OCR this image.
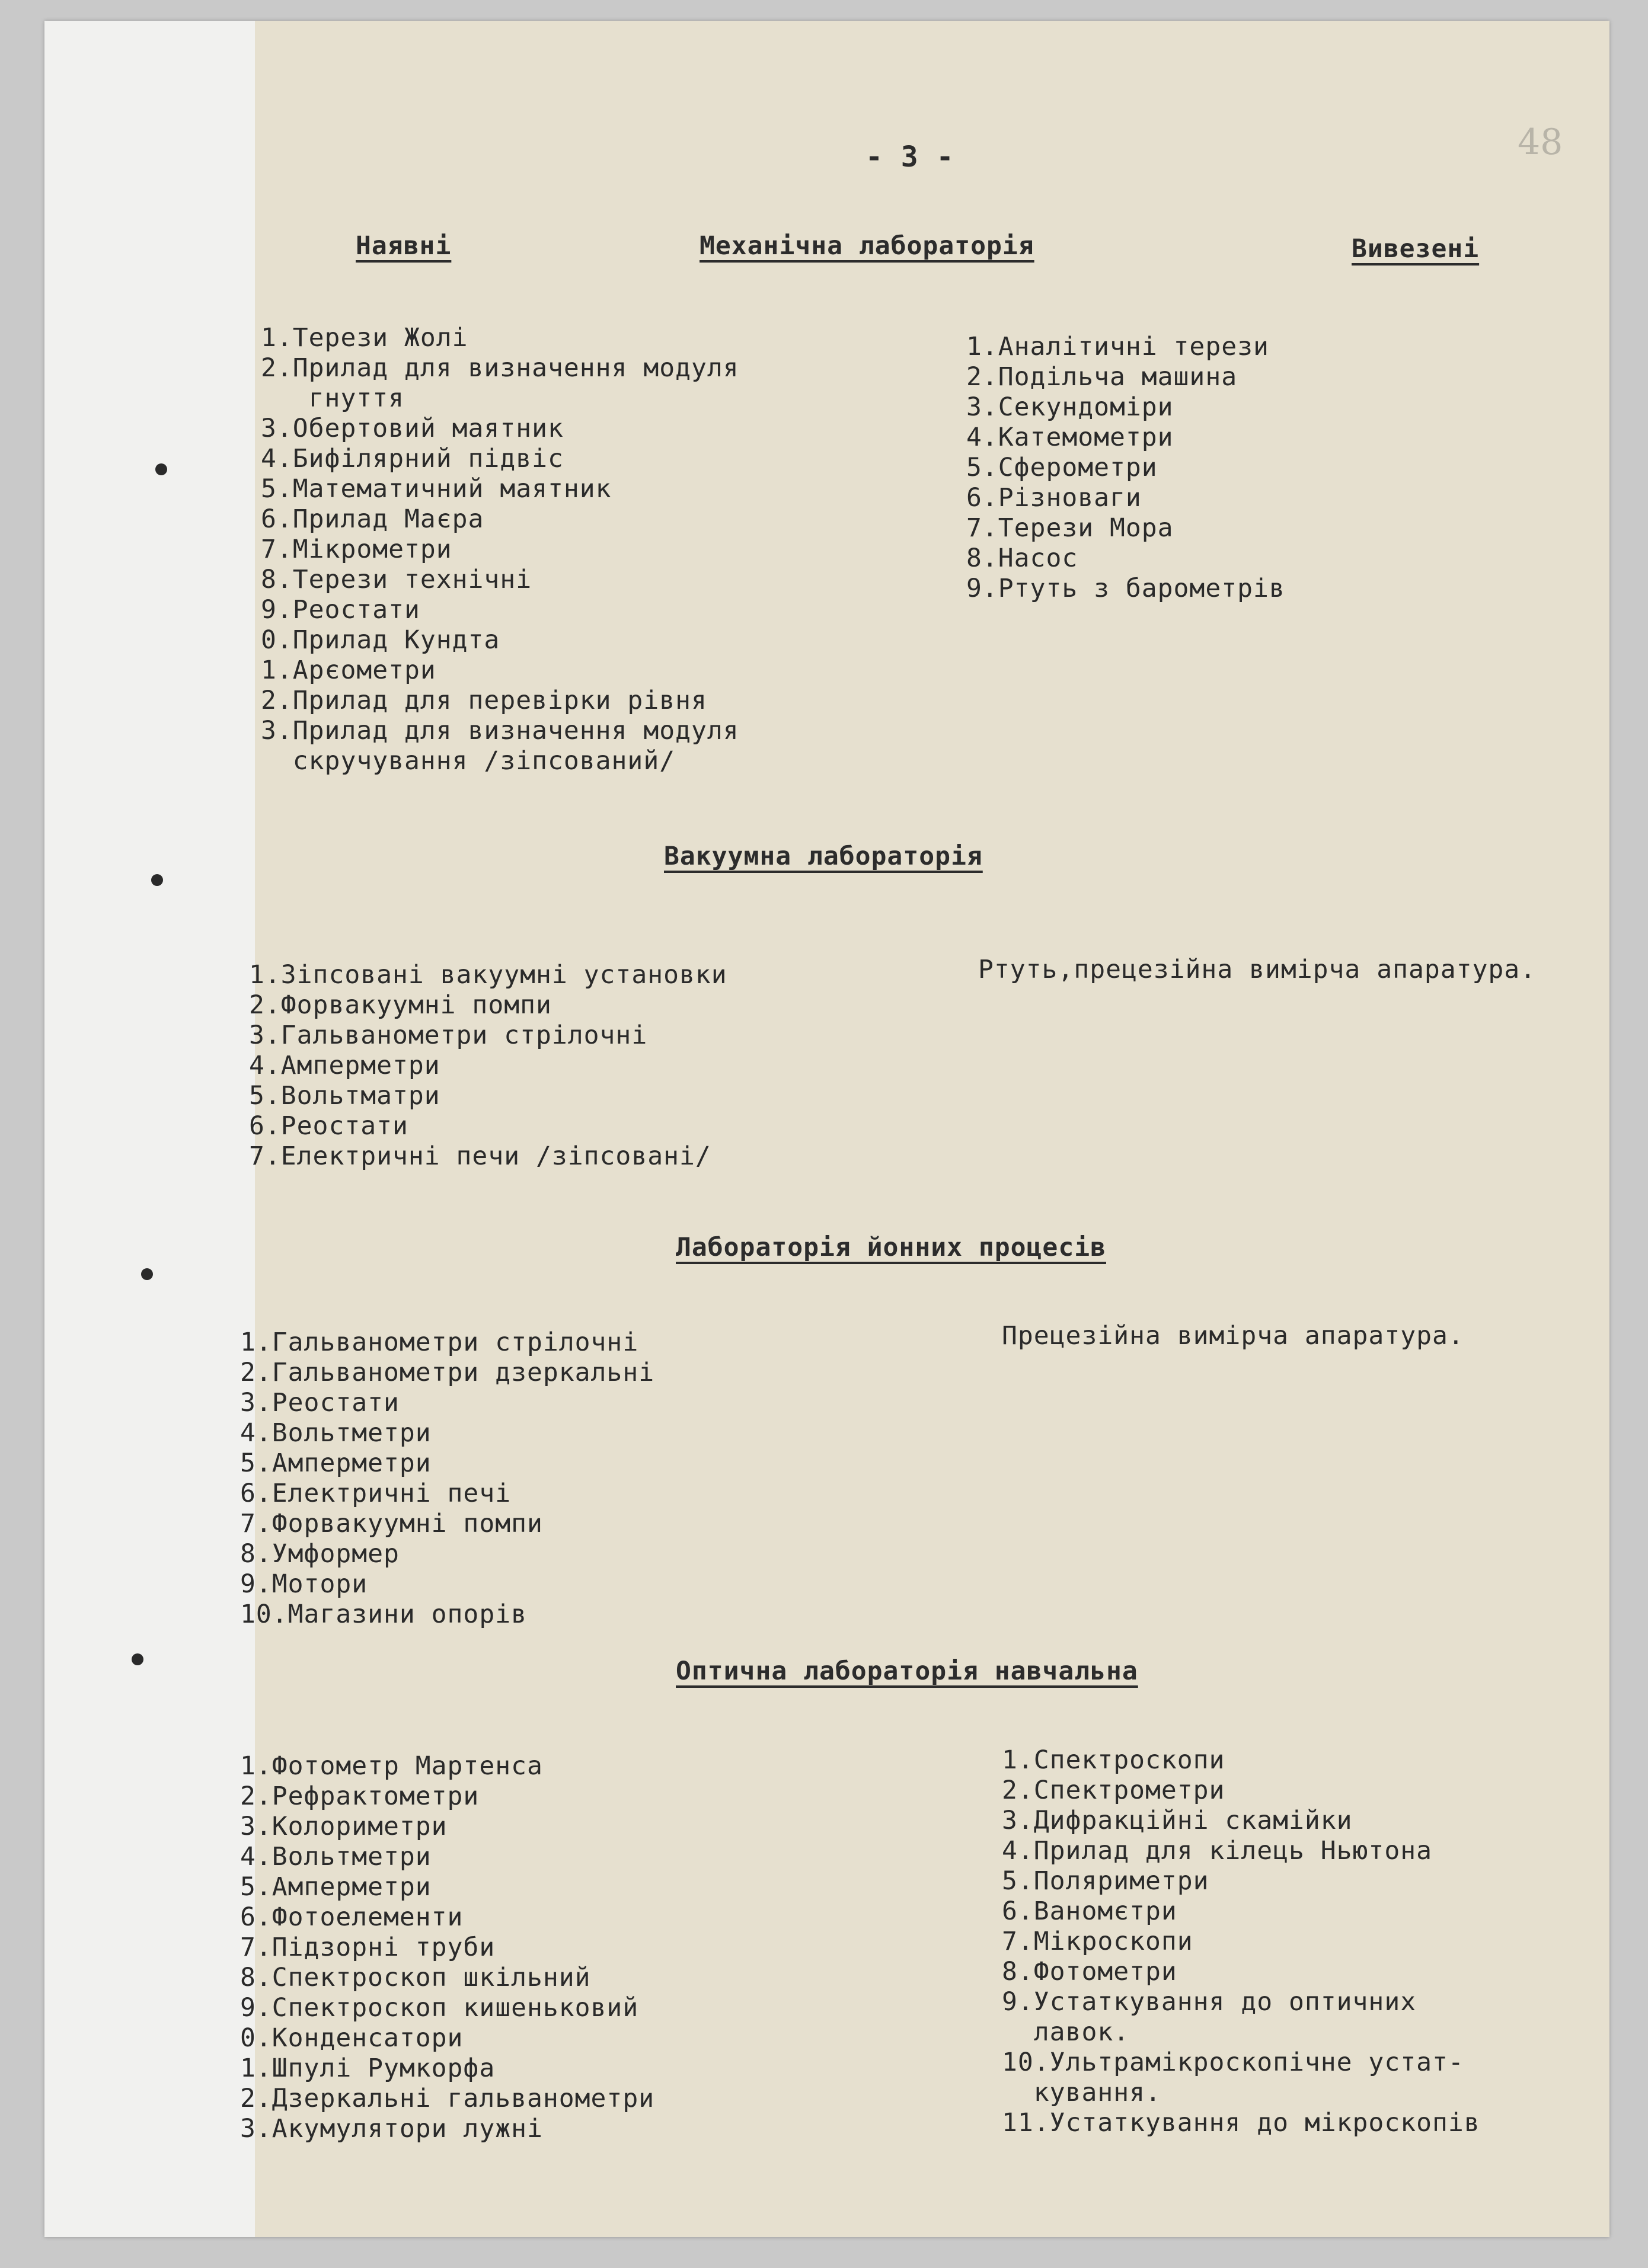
48
- 3 -
Наявні	Механічна лабораторія	Вивезені
1.Терези Жолі
2.Прилад для визначення модуля
гнуття
3.Обертовий маятник
4.Бифілярний підвіс
5.Математичний маятник
6.Прилад Маєра
7.Мікрометри
8.Терези технічні
9.Реостати
0.Прилад Кундта
1.Арєометри
2.Прилад для перевірки рівня
3.Прилад для визначення модуля
скручування /зіпсований/
1.Аналітичні терези
2.Подільча машина
3.Секундоміри
4.Катемометри
5.Сферометри
6.Різноваги
7.Терези Мора
8.Насос
9.Ртуть з барометрів
Вакуумна лабораторія
1.Зіпсовані вакуумні установки
2.Форвакуумні помпи
3.Гальванометри стрілочні
4.Амперметри
5.Вольтматри
6.Реостати
7.Електричні печи /зіпсовані/
Ртуть,прецезійна вимірча апаратура.
Лабораторія йонних процесів
1.Гальванометри стрілочні
2.Гальванометри дзеркальні
3.Реостати
4.Вольтметри
5.Амперметри
6.Електричні печі
7.Форвакуумні помпи
8.Умформер
9.Мотори
10.Магазини опорів
Прецезійна вимірча апаратура.
Оптична лабораторія навчальна
1.Фотометр Мартенса
2.Рефрактометри
3.Колориметри
4.Вольтметри
5.Амперметри
6.Фотоелементи
7.Підзорні труби
8.Спектроскоп шкільний
9.Спектроскоп кишеньковий
0.Конденсатори
1.Шпулі Румкорфа
2.Дзеркальні гальванометри
3.Акумулятори лужні
1.Спектроскопи
2.Спектрометри
3.Дифракційні скамійки
4.Прилад для кілець Ньютона
5.Поляриметри
6.Ваномєтри
7.Мікроскопи
8.Фотометри
9.Устаткування до оптичних
лавок.
10.Ультрамікроскопічне устат-
кування.
11.Устаткування до мікроскопів
